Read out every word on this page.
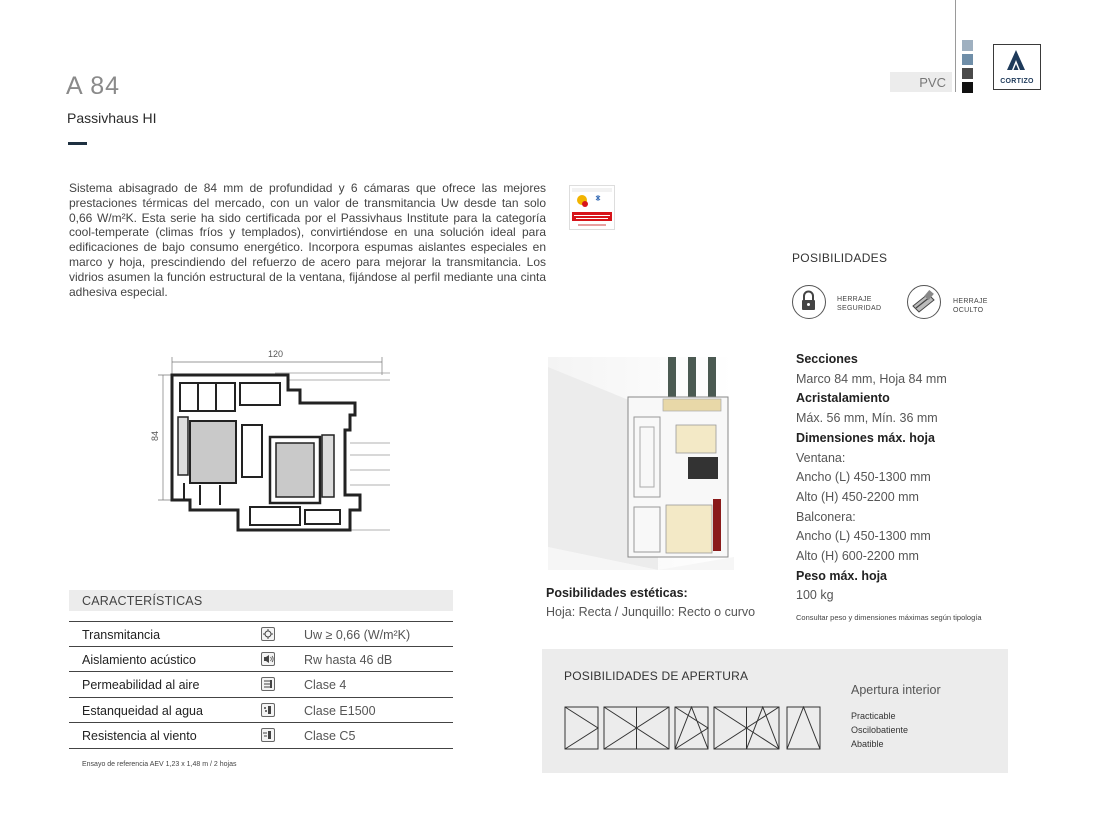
A 84
Passivhaus HI
PVC	CORTIZO
Sistema abisagrado de 84 mm de profundidad y 6 cámaras que ofrece las mejores prestaciones térmicas del mercado, con un valor de transmitancia Uw desde tan solo 0,66 W/m²K. Esta serie ha sido certificada por el Passivhaus Institute para la categoría cool-temperate (climas fríos y templados), convirtiéndose en una solución ideal para edificaciones de bajo consumo energético. Incorpora espumas aislantes especiales en marco y hoja, prescindiendo del refuerzo de acero para mejorar la transmitancia. Los vidrios asumen la función estructural de la ventana, fijándose al perfil mediante una cinta adhesiva especial.
POSIBILIDADES
HERRAJE
SEGURIDAD
HERRAJE
OCULTO
120
84
Secciones
Marco 84 mm, Hoja 84 mm
Acristalamiento
Máx. 56 mm, Mín. 36 mm
Dimensiones máx. hoja
Ventana:
Ancho (L) 450-1300 mm
Alto (H) 450-2200 mm
Balconera:
Ancho (L) 450-1300 mm
Alto (H) 600-2200 mm
Peso máx. hoja
100 kg
Consultar peso y dimensiones máximas según tipología
Posibilidades estéticas:
Hoja: Recta / Junquillo: Recto o curvo
CARACTERÍSTICAS
Transmitancia	Uw ≥ 0,66 (W/m²K)
Aislamiento acústico	Rw hasta 46 dB
Permeabilidad al aire	Clase 4
Estanqueidad al agua	Clase E1500
Resistencia al viento	Clase C5
Ensayo de referencia AEV 1,23 x 1,48 m / 2 hojas
POSIBILIDADES DE APERTURA
Apertura interior
Practicable
Oscilobatiente
Abatible
